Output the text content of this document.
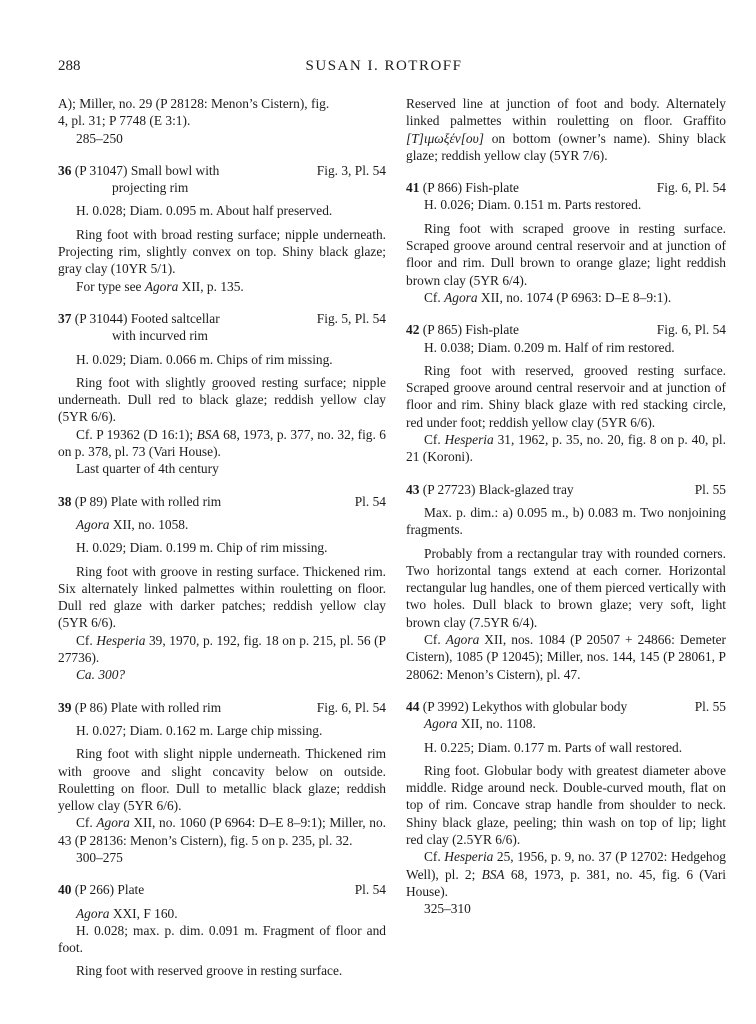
288	SUSAN I. ROTROFF

A); Miller, no. 29 (P 28128: Menon’s Cistern), fig.

4, pl. 31; P 7748 (E 3:1).

285–250

36 (P 31047) Small bowl with	Fig. 3, Pl. 54

projecting rim

H. 0.028; Diam. 0.095 m. About half preserved.

Ring foot with broad resting surface; nipple underneath. Projecting rim, slightly convex on top. Shiny black glaze; gray clay (10YR 5/1).

For type see Agora XII, p. 135.

37 (P 31044) Footed saltcellar	Fig. 5, Pl. 54

with incurved rim

H. 0.029; Diam. 0.066 m. Chips of rim missing.

Ring foot with slightly grooved resting surface; nipple underneath. Dull red to black glaze; reddish yellow clay (5YR 6/6).

Cf. P 19362 (D 16:1); BSA 68, 1973, p. 377, no. 32, fig. 6 on p. 378, pl. 73 (Vari House).

Last quarter of 4th century

38 (P 89) Plate with rolled rim	Pl. 54

Agora XII, no. 1058.

H. 0.029; Diam. 0.199 m. Chip of rim missing.

Ring foot with groove in resting surface. Thickened rim. Six alternately linked palmettes within rouletting on floor. Dull red glaze with darker patches; reddish yellow clay (5YR 6/6).

Cf. Hesperia 39, 1970, p. 192, fig. 18 on p. 215, pl. 56 (P 27736).

Ca. 300?

39 (P 86) Plate with rolled rim	Fig. 6, Pl. 54

H. 0.027; Diam. 0.162 m. Large chip missing.

Ring foot with slight nipple underneath. Thickened rim with groove and slight concavity below on outside. Rouletting on floor. Dull to metallic black glaze; reddish yellow clay (5YR 6/6).

Cf. Agora XII, no. 1060 (P 6964: D–E 8–9:1); Miller, no. 43 (P 28136: Menon’s Cistern), fig. 5 on p. 235, pl. 32.

300–275

40 (P 266) Plate	Pl. 54

Agora XXI, F 160.

H. 0.028; max. p. dim. 0.091 m. Fragment of floor and foot.

Ring foot with reserved groove in resting surface.

Reserved line at junction of foot and body. Alternately linked palmettes within rouletting on floor. Graffito [Τ]ιμωξέν[ου] on bottom (owner’s name). Shiny black glaze; reddish yellow clay (5YR 7/6).

41 (P 866) Fish-plate	Fig. 6, Pl. 54

H. 0.026; Diam. 0.151 m. Parts restored.

Ring foot with scraped groove in resting surface. Scraped groove around central reservoir and at junction of floor and rim. Dull brown to orange glaze; light reddish brown clay (5YR 6/4).

Cf. Agora XII, no. 1074 (P 6963: D–E 8–9:1).

42 (P 865) Fish-plate	Fig. 6, Pl. 54

H. 0.038; Diam. 0.209 m. Half of rim restored.

Ring foot with reserved, grooved resting surface. Scraped groove around central reservoir and at junction of floor and rim. Shiny black glaze with red stacking circle, red under foot; reddish yellow clay (5YR 6/6).

Cf. Hesperia 31, 1962, p. 35, no. 20, fig. 8 on p. 40, pl. 21 (Koroni).

43 (P 27723) Black-glazed tray	Pl. 55

Max. p. dim.: a) 0.095 m., b) 0.083 m. Two nonjoining fragments.

Probably from a rectangular tray with rounded corners. Two horizontal tangs extend at each corner. Horizontal rectangular lug handles, one of them pierced vertically with two holes. Dull black to brown glaze; very soft, light brown clay (7.5YR 6/4).

Cf. Agora XII, nos. 1084 (P 20507 + 24866: Demeter Cistern), 1085 (P 12045); Miller, nos. 144, 145 (P 28061, P 28062: Menon’s Cistern), pl. 47.

44 (P 3992) Lekythos with globular body	Pl. 55

Agora XII, no. 1108.

H. 0.225; Diam. 0.177 m. Parts of wall restored.

Ring foot. Globular body with greatest diameter above middle. Ridge around neck. Double-curved mouth, flat on top of rim. Concave strap handle from shoulder to neck. Shiny black glaze, peeling; thin wash on top of lip; light red clay (2.5YR 6/6).

Cf. Hesperia 25, 1956, p. 9, no. 37 (P 12702: Hedgehog Well), pl. 2; BSA 68, 1973, p. 381, no. 45, fig. 6 (Vari House).

325–310
